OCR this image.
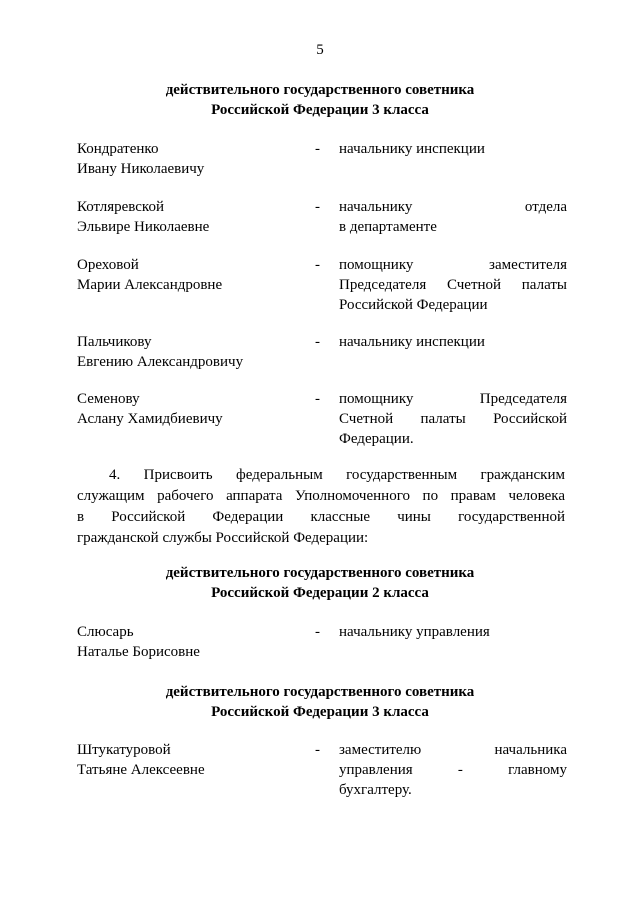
5
действительного государственного советника
Российской Федерации 3 класса
Кондратенко
Ивану Николаевичу
- начальнику инспекции
Котляревской
Эльвире Николаевне
- начальнику отдела
в департаменте
Ореховой
Марии Александровне
- помощнику заместителя
Председателя Счетной палаты
Российской Федерации
Пальчикову
Евгению Александровичу
- начальнику инспекции
Семенову
Аслану Хамидбиевичу
- помощнику Председателя
Счетной палаты Российской
Федерации.
4. Присвоить федеральным государственным гражданским
служащим рабочего аппарата Уполномоченного по правам человека
в Российской Федерации классные чины государственной
гражданской службы Российской Федерации:
действительного государственного советника
Российской Федерации 2 класса
Слюсарь
Наталье Борисовне
- начальнику управления
действительного государственного советника
Российской Федерации 3 класса
Штукатуровой
Татьяне Алексеевне
- заместителю начальника
управления - главному
бухгалтеру.
